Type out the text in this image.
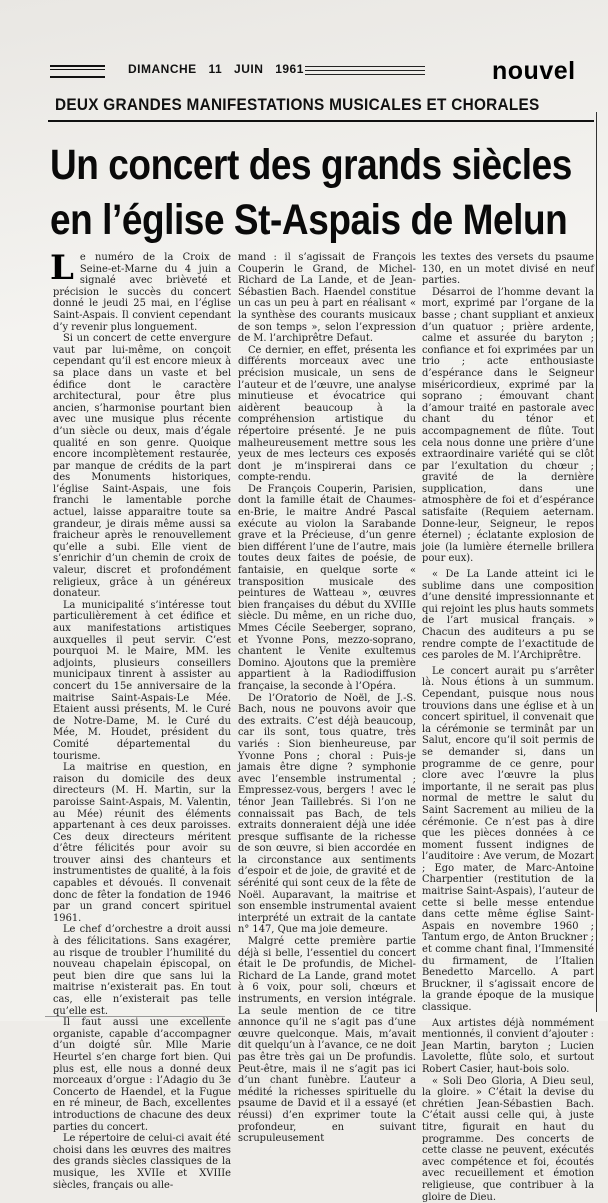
DIMANCHE 11 JUIN 1961	nouvel
DEUX GRANDES MANIFESTATIONS MUSICALES ET CHORALES
Un concert des grands siècles
en l’église St-Aspais de Melun

Le numéro de la Croix de Seine-et-Marne du 4 juin a signalé avec brièveté et précision le succès du concert donné le jeudi 25 mai, en l’église Saint-Aspais. Il convient cependant d’y revenir plus longuement.

Si un concert de cette envergure vaut par lui-même, on conçoit cependant qu’il est encore mieux à sa place dans un vaste et bel édifice dont le caractère architectural, pour être plus ancien, s’harmonise pourtant bien avec une musique plus récente d’un siècle ou deux, mais d’égale qualité en son genre. Quoique encore incomplètement restaurée, par manque de crédits de la part des Monuments historiques, l’église Saint-Aspais, une fois franchi le lamentable porche actuel, laisse apparaitre toute sa grandeur, je dirais même aussi sa fraicheur après le renouvellement qu’elle a subi. Elle vient de s’enrichir d’un chemin de croix de valeur, discret et profondément religieux, grâce à un généreux donateur.

La municipalité s’intéresse tout particulièrement à cet édifice et aux manifestations artistiques auxquelles il peut servir. C’est pourquoi M. le Maire, MM. les adjoints, plusieurs conseillers municipaux tinrent à assister au concert du 15e anniversaire de la maitrise Saint-Aspais-Le Mée. Etaient aussi présents, M. le Curé de Notre-Dame, M. le Curé du Mée, M. Houdet, président du Comité départemental du tourisme.

La maitrise en question, en raison du domicile des deux directeurs (M. H. Martin, sur la paroisse Saint-Aspais, M. Valentin, au Mée) réunit des éléments appartenant à ces deux paroisses. Ces deux directeurs méritent d’être félicités pour avoir su trouver ainsi des chanteurs et instrumentistes de qualité, à la fois capables et dévoués. Il convenait donc de fêter la fondation de 1946 par un grand concert spirituel 1961.

Le chef d’orchestre a droit aussi à des félicitations. Sans exagérer, au risque de troubler l’humilité du nouveau chapelain épiscopal, on peut bien dire que sans lui la maitrise n’existerait pas. En tout cas, elle n’existerait pas telle qu’elle est.

Il faut aussi une excellente organiste, capable d’accompagner d’un doigté sûr. Mlle Marie Heurtel s’en charge fort bien. Qui plus est, elle nous a donné deux morceaux d’orgue : l’Adagio du 3e Concerto de Haendel, et la Fugue en ré mineur, de Bach, excellentes introductions de chacune des deux parties du concert.

Le répertoire de celui-ci avait été choisi dans les œuvres des maitres des grands siècles classiques de la musique, les XVIIe et XVIIIe siècles, français ou alle-

mand : il s’agissait de François Couperin le Grand, de Michel-Richard de La Lande, et de Jean-Sébastien Bach. Haendel constitue un cas un peu à part en réalisant « la synthèse des courants musicaux de son temps », selon l’expression de M. l’archiprêtre Defaut.

Ce dernier, en effet, présenta les différents morceaux avec une précision musicale, un sens de l’auteur et de l’œuvre, une analyse minutieuse et évocatrice qui aidèrent beaucoup à la compréhension artistique du répertoire présenté. Je ne puis malheureusement mettre sous les yeux de mes lecteurs ces exposés dont je m’inspirerai dans ce compte-rendu.

De François Couperin, Parisien, dont la famille était de Chaumes-en-Brie, le maitre André Pascal exécute au violon la Sarabande grave et la Précieuse, d’un genre bien différent l’une de l’autre, mais toutes deux faites de poésie, de fantaisie, en quelque sorte « transposition musicale des peintures de Watteau », œuvres bien françaises du début du XVIIIe siècle. Du même, en un riche duo, Mmes Cécile Seeberger, soprano, et Yvonne Pons, mezzo-soprano, chantent le Venite exultemus Domino. Ajoutons que la première appartient à la Radiodiffusion française, la seconde à l’Opéra.

De l’Oratorio de Noël, de J.-S. Bach, nous ne pouvons avoir que des extraits. C’est déjà beaucoup, car ils sont, tous quatre, très variés : Sion bienheureuse, par Yvonne Pons ; choral : Puis-je jamais être digne ? symphonie avec l’ensemble instrumental ; Empressez-vous, bergers ! avec le ténor Jean Taillebrés. Si l’on ne connaissait pas Bach, de tels extraits donneraient déjà une idée presque suffisante de la richesse de son œuvre, si bien accordée en la circonstance aux sentiments d’espoir et de joie, de gravité et de sérénité qui sont ceux de la fête de Noël. Auparavant, la maitrise et son ensemble instrumental avaient interprété un extrait de la cantate n° 147, Que ma joie demeure.

Malgré cette première partie déjà si belle, l’essentiel du concert était le De profundis, de Michel-Richard de La Lande, grand motet à 6 voix, pour soli, chœurs et instruments, en version intégrale. La seule mention de ce titre annonce qu’il ne s’agit pas d’une œuvre quelconque. Mais, m’avait dit quelqu’un à l’avance, ce ne doit pas être très gai un De profundis. Peut-être, mais il ne s’agit pas ici d’un chant funèbre. L’auteur a médité la richesses spirituelle du psaume de David et il a essayé (et réussi) d’en exprimer toute la profondeur, en suivant scrupuleusement

les textes des versets du psaume 130, en un motet divisé en neuf parties.

Désarroi de l’homme devant la mort, exprimé par l’organe de la basse ; chant suppliant et anxieux d’un quatuor ; prière ardente, calme et assurée du baryton ; confiance et foi exprimées par un trio ; acte enthousiaste d’espérance dans le Seigneur miséricordieux, exprimé par la soprano ; émouvant chant d’amour traité en pastorale avec chant du ténor et accompagnement de flûte. Tout cela nous donne une prière d’une extraordinaire variété qui se clôt par l’exultation du chœur ; gravité de la dernière supplication, dans une atmosphère de foi et d’espérance satisfaite (Requiem aeternam. Donne-leur, Seigneur, le repos éternel) ; éclatante explosion de joie (la lumière éternelle brillera pour eux).

« De La Lande atteint ici le sublime dans une composition d’une densité impressionnante et qui rejoint les plus hauts sommets de l’art musical français. » Chacun des auditeurs a pu se rendre compte de l’exactitude de ces paroles de M. l’Archiprêtre.

Le concert aurait pu s’arrêter là. Nous étions à un summum. Cependant, puisque nous nous trouvions dans une église et à un concert spirituel, il convenait que la cérémonie se terminât par un Salut, encore qu’il soit permis de se demander si, dans un programme de ce genre, pour clore avec l’œuvre la plus importante, il ne serait pas plus normal de mettre le salut du Saint Sacrement au milieu de la cérémonie. Ce n’est pas à dire que les pièces données à ce moment fussent indignes de l’auditoire : Ave verum, de Mozart ; Ego mater, de Marc-Antoine Charpentier (restitution de la maitrise Saint-Aspais), l’auteur de cette si belle messe entendue dans cette même église Saint-Aspais en novembre 1960 ; Tantum ergo, de Anton Bruckner ; et comme chant final, l’Immensité du firmament, de l’Italien Benedetto Marcello. A part Bruckner, il s’agissait encore de la grande époque de la musique classique.

Aux artistes déjà nommément mentionnés, il convient d’ajouter : Jean Martin, baryton ; Lucien Lavolette, flûte solo, et surtout Robert Casier, haut-bois solo.

« Soli Deo Gloria, A Dieu seul, la gloire. » C’était la devise du chrétien Jean-Sébastien Bach. C’était aussi celle qui, à juste titre, figurait en haut du programme. Des concerts de cette classe ne peuvent, exécutés avec compétence et foi, écoutés avec recueillement et émotion religieuse, que contribuer à la gloire de Dieu.
